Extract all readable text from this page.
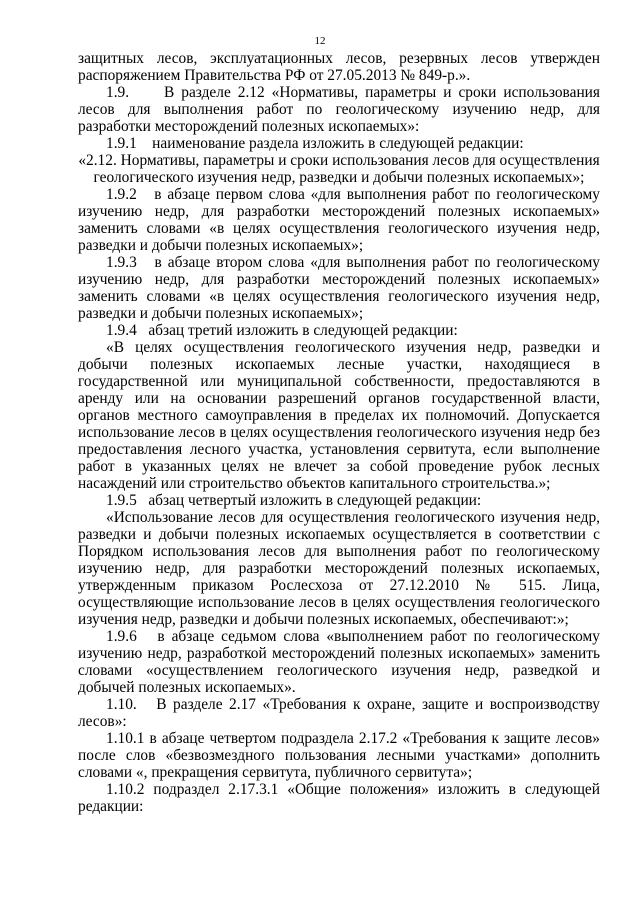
12

защитных лесов, эксплуатационных лесов, резервных лесов утвержден распоряжением Правительства РФ от 27.05.2013 № 849-р.».

1.9.     В разделе 2.12 «Нормативы, параметры и сроки использования лесов для выполнения работ по геологическому изучению недр, для разработки месторождений полезных ископаемых»:

1.9.1    наименование раздела изложить в следующей редакции:

«2.12. Нормативы, параметры и сроки использования лесов для осуществления геологического изучения недр, разведки и добычи полезных ископаемых»;

1.9.2   в абзаце первом слова «для выполнения работ по геологическому изучению недр, для разработки месторождений полезных ископаемых» заменить словами «в целях осуществления геологического изучения недр, разведки и добычи полезных ископаемых»;

1.9.3   в абзаце втором слова «для выполнения работ по геологическому изучению недр, для разработки месторождений полезных ископаемых» заменить словами «в целях осуществления геологического изучения недр, разведки и добычи полезных ископаемых»;

1.9.4   абзац третий изложить в следующей редакции:

«В целях осуществления геологического изучения недр, разведки и добычи полезных ископаемых лесные участки, находящиеся в государственной или муниципальной собственности, предоставляются в аренду или на основании разрешений органов государственной власти, органов местного самоуправления в пределах их полномочий. Допускается использование лесов в целях осуществления геологического изучения недр без предоставления лесного участка, установления сервитута, если выполнение работ в указанных целях не влечет за собой проведение рубок лесных насаждений или строительство объектов капитального строительства.»;

1.9.5   абзац четвертый изложить в следующей редакции:

«Использование лесов для осуществления геологического изучения недр, разведки и добычи полезных ископаемых осуществляется в соответствии с Порядком использования лесов для выполнения работ по геологическому изучению недр, для разработки месторождений полезных ископаемых, утвержденным приказом Рослесхоза от 27.12.2010 № 515. Лица, осуществляющие использование лесов в целях осуществления геологического изучения недр, разведки и добычи полезных ископаемых, обеспечивают:»;

1.9.6   в абзаце седьмом слова «выполнением работ по геологическому изучению недр, разработкой месторождений полезных ископаемых» заменить словами «осуществлением геологического изучения недр, разведкой и добычей полезных ископаемых».

1.10.   В разделе 2.17 «Требования к охране, защите и воспроизводству лесов»:

1.10.1 в абзаце четвертом подраздела 2.17.2 «Требования к защите лесов» после слов «безвозмездного пользования лесными участками» дополнить словами «, прекращения сервитута, публичного сервитута»;

1.10.2 подраздел 2.17.3.1 «Общие положения» изложить в следующей редакции:
